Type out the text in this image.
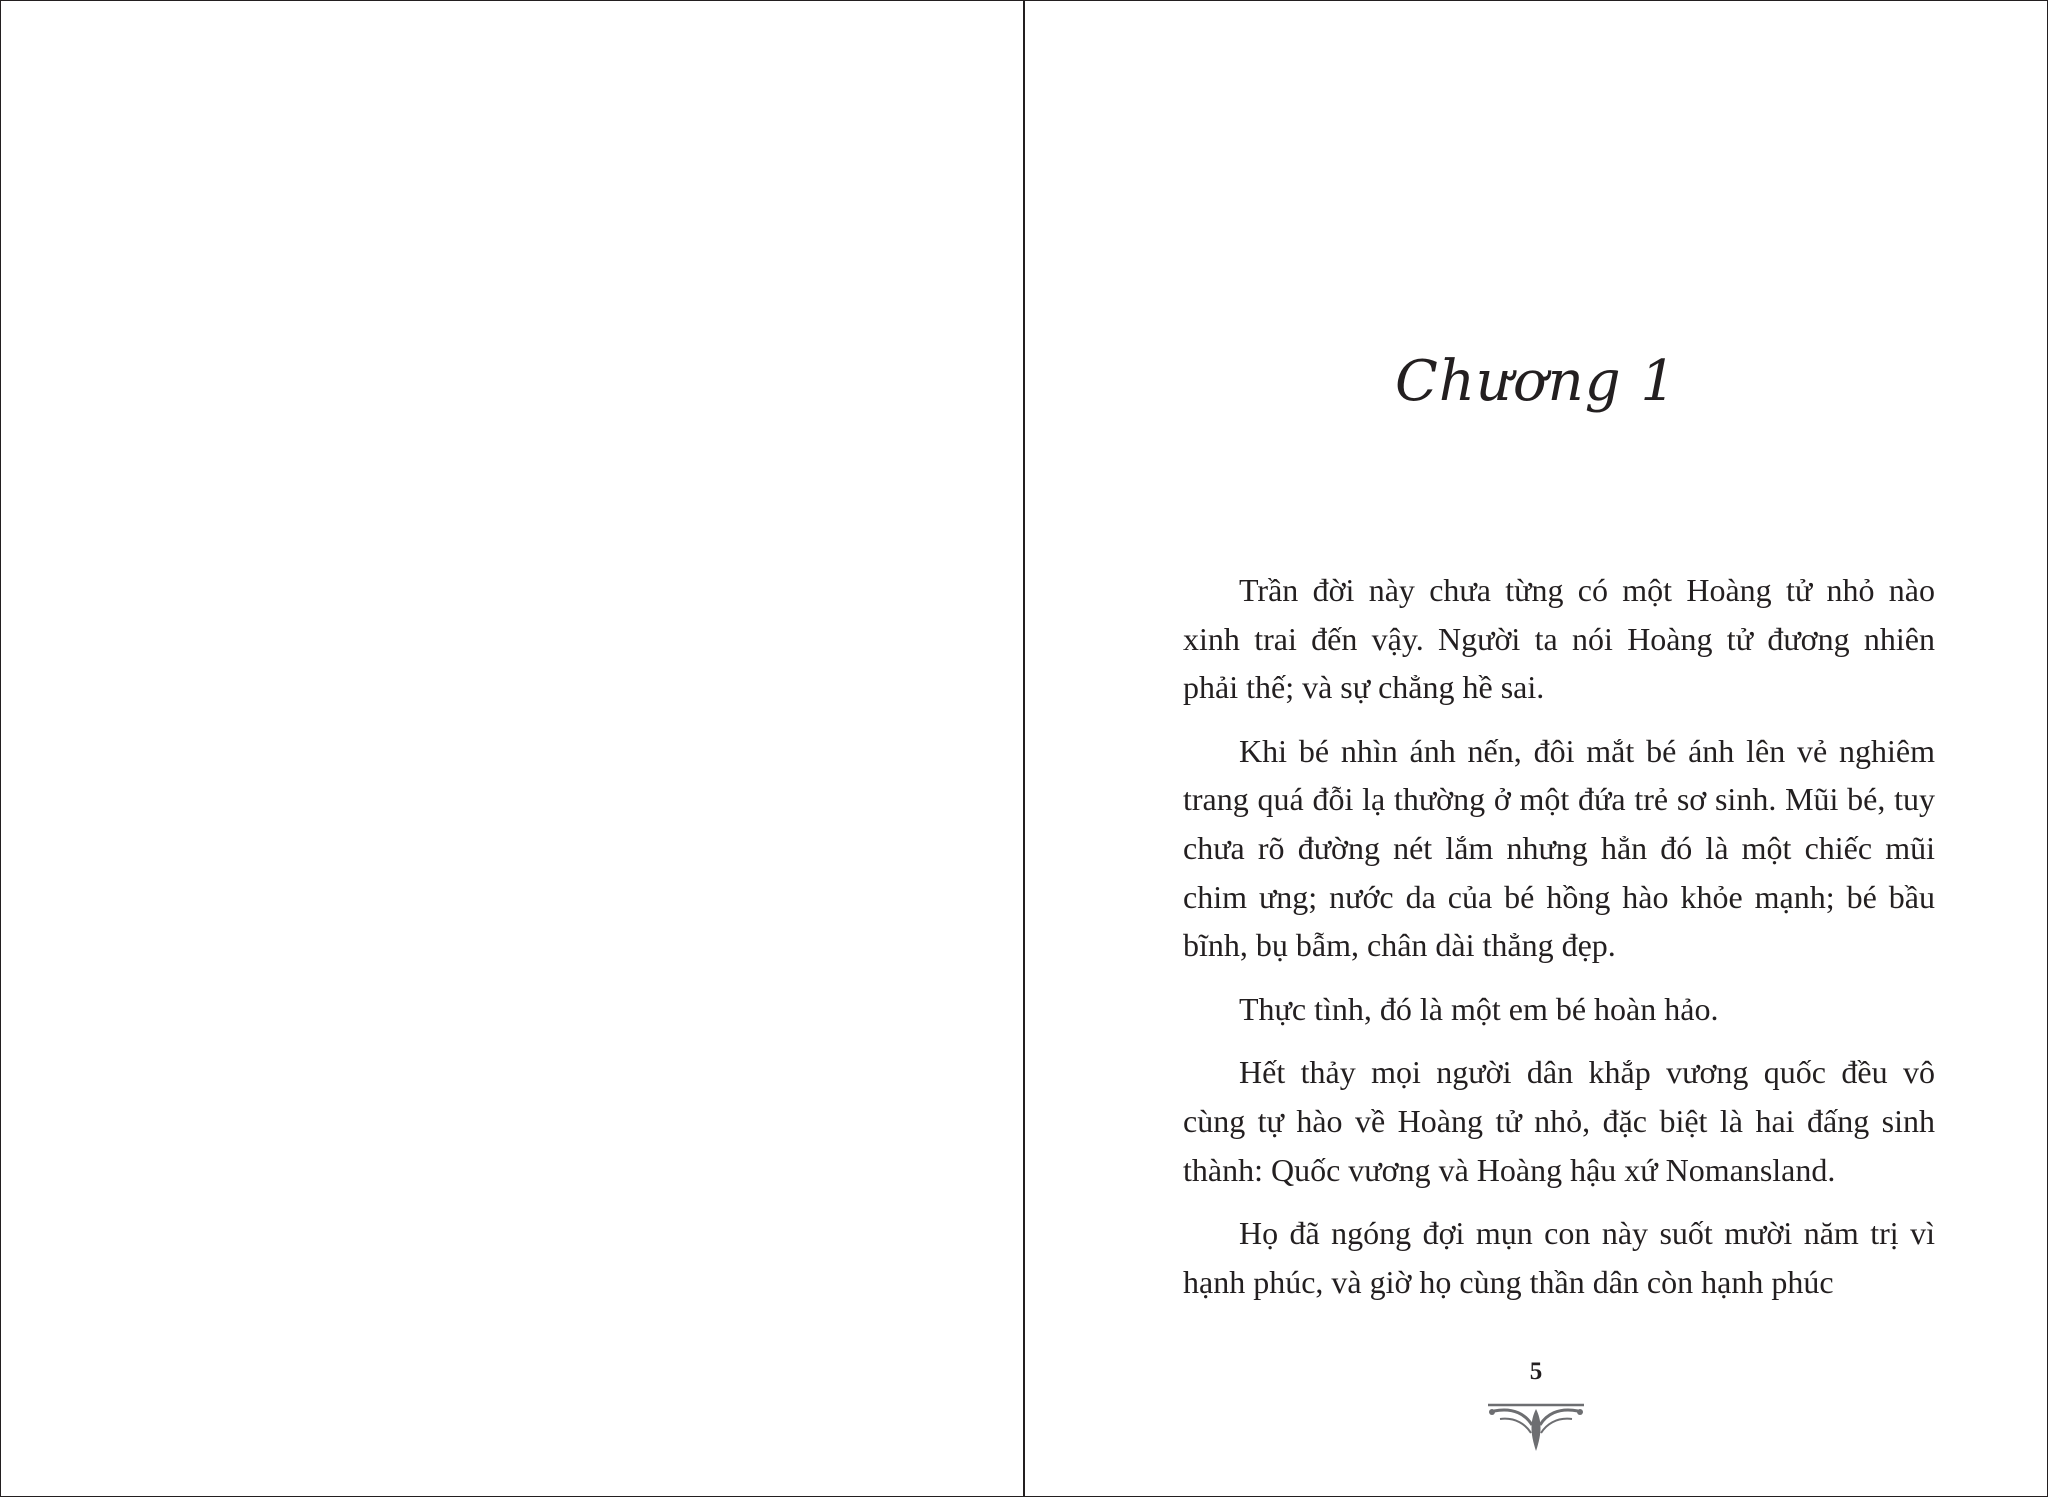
Chương 1

Trần đời này chưa từng có một Hoàng tử nhỏ nào xinh trai đến vậy. Người ta nói Hoàng tử đương nhiên phải thế; và sự chẳng hề sai.

Khi bé nhìn ánh nến, đôi mắt bé ánh lên vẻ nghiêm trang quá đỗi lạ thường ở một đứa trẻ sơ sinh. Mũi bé, tuy chưa rõ đường nét lắm nhưng hẳn đó là một chiếc mũi chim ưng; nước da của bé hồng hào khỏe mạnh; bé bầu bĩnh, bụ bẫm, chân dài thẳng đẹp.

Thực tình, đó là một em bé hoàn hảo.

Hết thảy mọi người dân khắp vương quốc đều vô cùng tự hào về Hoàng tử nhỏ, đặc biệt là hai đấng sinh thành: Quốc vương và Hoàng hậu xứ Nomansland.

Họ đã ngóng đợi mụn con này suốt mười năm trị vì hạnh phúc, và giờ họ cùng thần dân còn hạnh phúc

5
